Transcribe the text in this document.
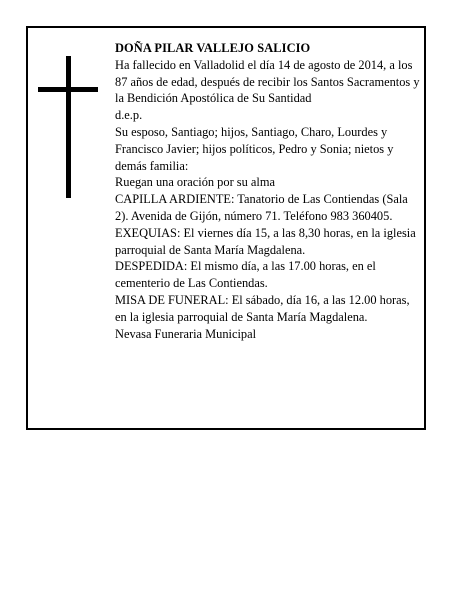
DOÑA PILAR VALLEJO SALICIO

Ha fallecido en Valladolid el día 14 de agosto de 2014, a los 87 años de edad, después de recibir los Santos Sacramentos y la Bendición Apostólica de Su Santidad

d.e.p.

Su esposo, Santiago; hijos, Santiago, Charo, Lourdes y Francisco Javier; hijos políticos, Pedro y Sonia; nietos y demás familia:

Ruegan una oración por su alma

CAPILLA ARDIENTE: Tanatorio de Las Contiendas (Sala 2). Avenida de Gijón, número 71. Teléfono 983 360405.

EXEQUIAS: El viernes día 15, a las 8,30 horas, en la iglesia parroquial de Santa María Magdalena.

DESPEDIDA: El mismo día, a las 17.00 horas, en el cementerio de Las Contiendas.

MISA DE FUNERAL: El sábado, día 16, a las 12.00 horas, en la iglesia parroquial de Santa María Magdalena.

Nevasa Funeraria Municipal
